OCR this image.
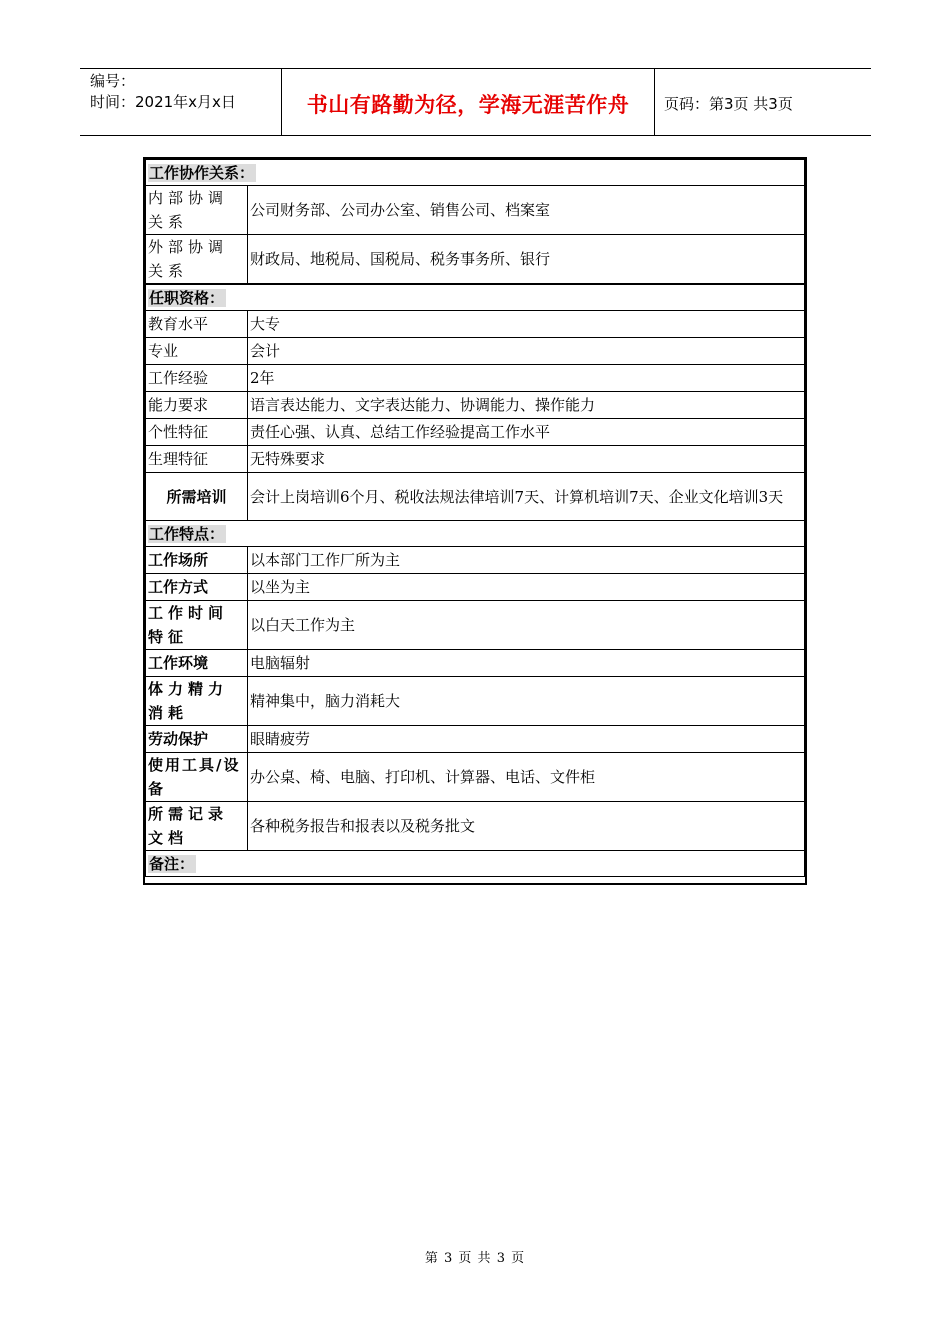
编号：
时间：2021年x月x日	书山有路勤为径，学海无涯苦作舟	页码：第3页 共3页
工作协作关系：	
内部协调关系	公司财务部、公司办公室、销售公司、档案室
外部协调关系	财政局、地税局、国税局、税务事务所、银行
任职资格：	
教育水平	大专
专业	会计
工作经验	2年
能力要求	语言表达能力、文字表达能力、协调能力、操作能力
个性特征	责任心强、认真、总结工作经验提高工作水平
生理特征	无特殊要求
所需培训	会计上岗培训6个月、税收法规法律培训7天、计算机培训7天、企业文化培训3天
工作特点：	
工作场所	以本部门工作厂所为主
工作方式	以坐为主
工作时间特征	以白天工作为主
工作环境	电脑辐射
体力精力消耗	精神集中，脑力消耗大
劳动保护	眼睛疲劳
使用工具/设备	办公桌、椅、电脑、打印机、计算器、电话、文件柜
所需记录文档	各种税务报告和报表以及税务批文
备注：	
第 3 页 共 3 页
